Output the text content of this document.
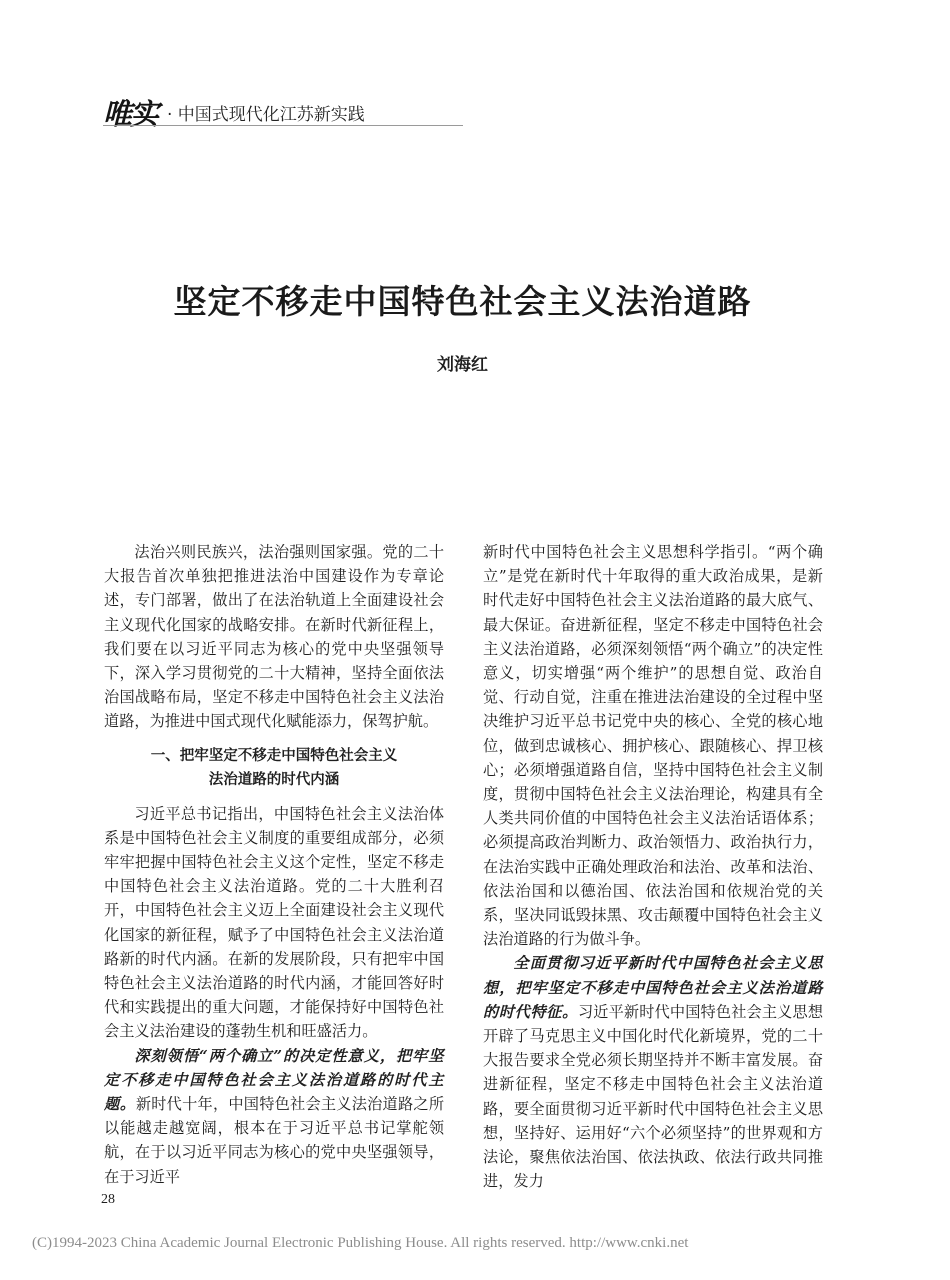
唯实 · 中国式现代化江苏新实践
坚定不移走中国特色社会主义法治道路
刘海红

法治兴则民族兴，法治强则国家强。党的二十大报告首次单独把推进法治中国建设作为专章论述，专门部署，做出了在法治轨道上全面建设社会主义现代化国家的战略安排。在新时代新征程上，我们要在以习近平同志为核心的党中央坚强领导下，深入学习贯彻党的二十大精神，坚持全面依法治国战略布局，坚定不移走中国特色社会主义法治道路，为推进中国式现代化赋能添力，保驾护航。

一、把牢坚定不移走中国特色社会主义
法治道路的时代内涵

习近平总书记指出，中国特色社会主义法治体系是中国特色社会主义制度的重要组成部分，必须牢牢把握中国特色社会主义这个定性，坚定不移走中国特色社会主义法治道路。党的二十大胜利召开，中国特色社会主义迈上全面建设社会主义现代化国家的新征程，赋予了中国特色社会主义法治道路新的时代内涵。在新的发展阶段，只有把牢中国特色社会主义法治道路的时代内涵，才能回答好时代和实践提出的重大问题，才能保持好中国特色社会主义法治建设的蓬勃生机和旺盛活力。

深刻领悟“两个确立”的决定性意义，把牢坚定不移走中国特色社会主义法治道路的时代主题。新时代十年，中国特色社会主义法治道路之所以能越走越宽阔，根本在于习近平总书记掌舵领航，在于以习近平同志为核心的党中央坚强领导，在于习近平

新时代中国特色社会主义思想科学指引。“两个确立”是党在新时代十年取得的重大政治成果，是新时代走好中国特色社会主义法治道路的最大底气、最大保证。奋进新征程，坚定不移走中国特色社会主义法治道路，必须深刻领悟“两个确立”的决定性意义，切实增强“两个维护”的思想自觉、政治自觉、行动自觉，注重在推进法治建设的全过程中坚决维护习近平总书记党中央的核心、全党的核心地位，做到忠诚核心、拥护核心、跟随核心、捍卫核心；必须增强道路自信，坚持中国特色社会主义制度，贯彻中国特色社会主义法治理论，构建具有全人类共同价值的中国特色社会主义法治话语体系；必须提高政治判断力、政治领悟力、政治执行力，在法治实践中正确处理政治和法治、改革和法治、依法治国和以德治国、依法治国和依规治党的关系，坚决同诋毁抹黑、攻击颠覆中国特色社会主义法治道路的行为做斗争。

全面贯彻习近平新时代中国特色社会主义思想，把牢坚定不移走中国特色社会主义法治道路的时代特征。习近平新时代中国特色社会主义思想开辟了马克思主义中国化时代化新境界，党的二十大报告要求全党必须长期坚持并不断丰富发展。奋进新征程，坚定不移走中国特色社会主义法治道路，要全面贯彻习近平新时代中国特色社会主义思想，坚持好、运用好“六个必须坚持”的世界观和方法论，聚焦依法治国、依法执政、依法行政共同推进，发力

28
(C)1994-2023 China Academic Journal Electronic Publishing House. All rights reserved. http://www.cnki.net
